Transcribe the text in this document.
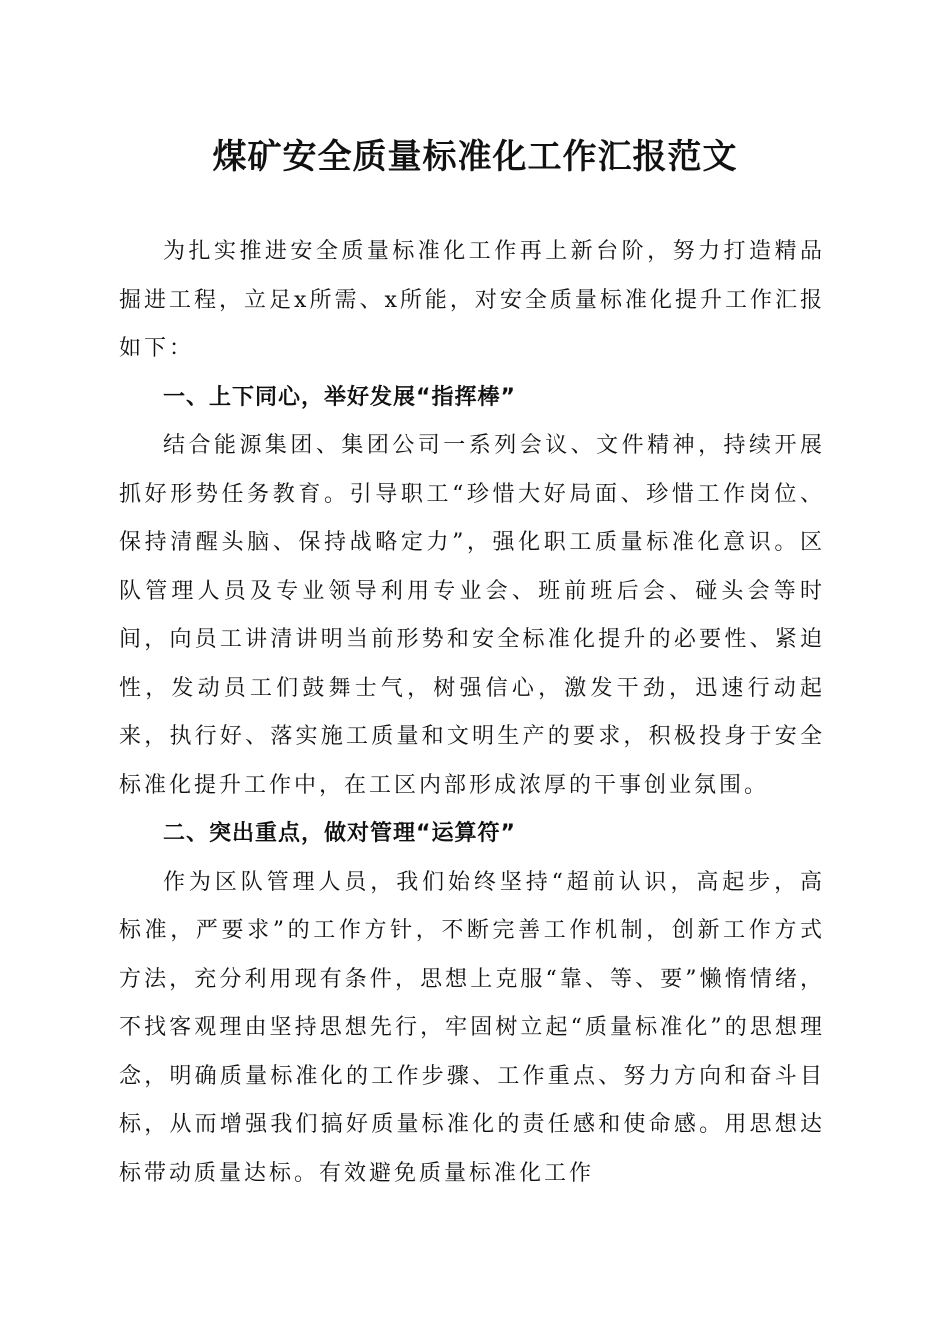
煤矿安全质量标准化工作汇报范文

为扎实推进安全质量标准化工作再上新台阶，努力打造精品掘进工程，立足x所需、x所能，对安全质量标准化提升工作汇报如下：

一、上下同心，举好发展“指挥棒”

结合能源集团、集团公司一系列会议、文件精神，持续开展抓好形势任务教育。引导职工“珍惜大好局面、珍惜工作岗位、保持清醒头脑、保持战略定力”，强化职工质量标准化意识。区队管理人员及专业领导利用专业会、班前班后会、碰头会等时间，向员工讲清讲明当前形势和安全标准化提升的必要性、紧迫性，发动员工们鼓舞士气，树强信心，激发干劲，迅速行动起来，执行好、落实施工质量和文明生产的要求，积极投身于安全标准化提升工作中，在工区内部形成浓厚的干事创业氛围。

二、突出重点，做对管理“运算符”

作为区队管理人员，我们始终坚持“超前认识，高起步，高标准，严要求”的工作方针，不断完善工作机制，创新工作方式方法，充分利用现有条件，思想上克服“靠、等、要”懒惰情绪，不找客观理由坚持思想先行，牢固树立起“质量标准化”的思想理念，明确质量标准化的工作步骤、工作重点、努力方向和奋斗目标，从而增强我们搞好质量标准化的责任感和使命感。用思想达标带动质量达标。有效避免质量标准化工作
